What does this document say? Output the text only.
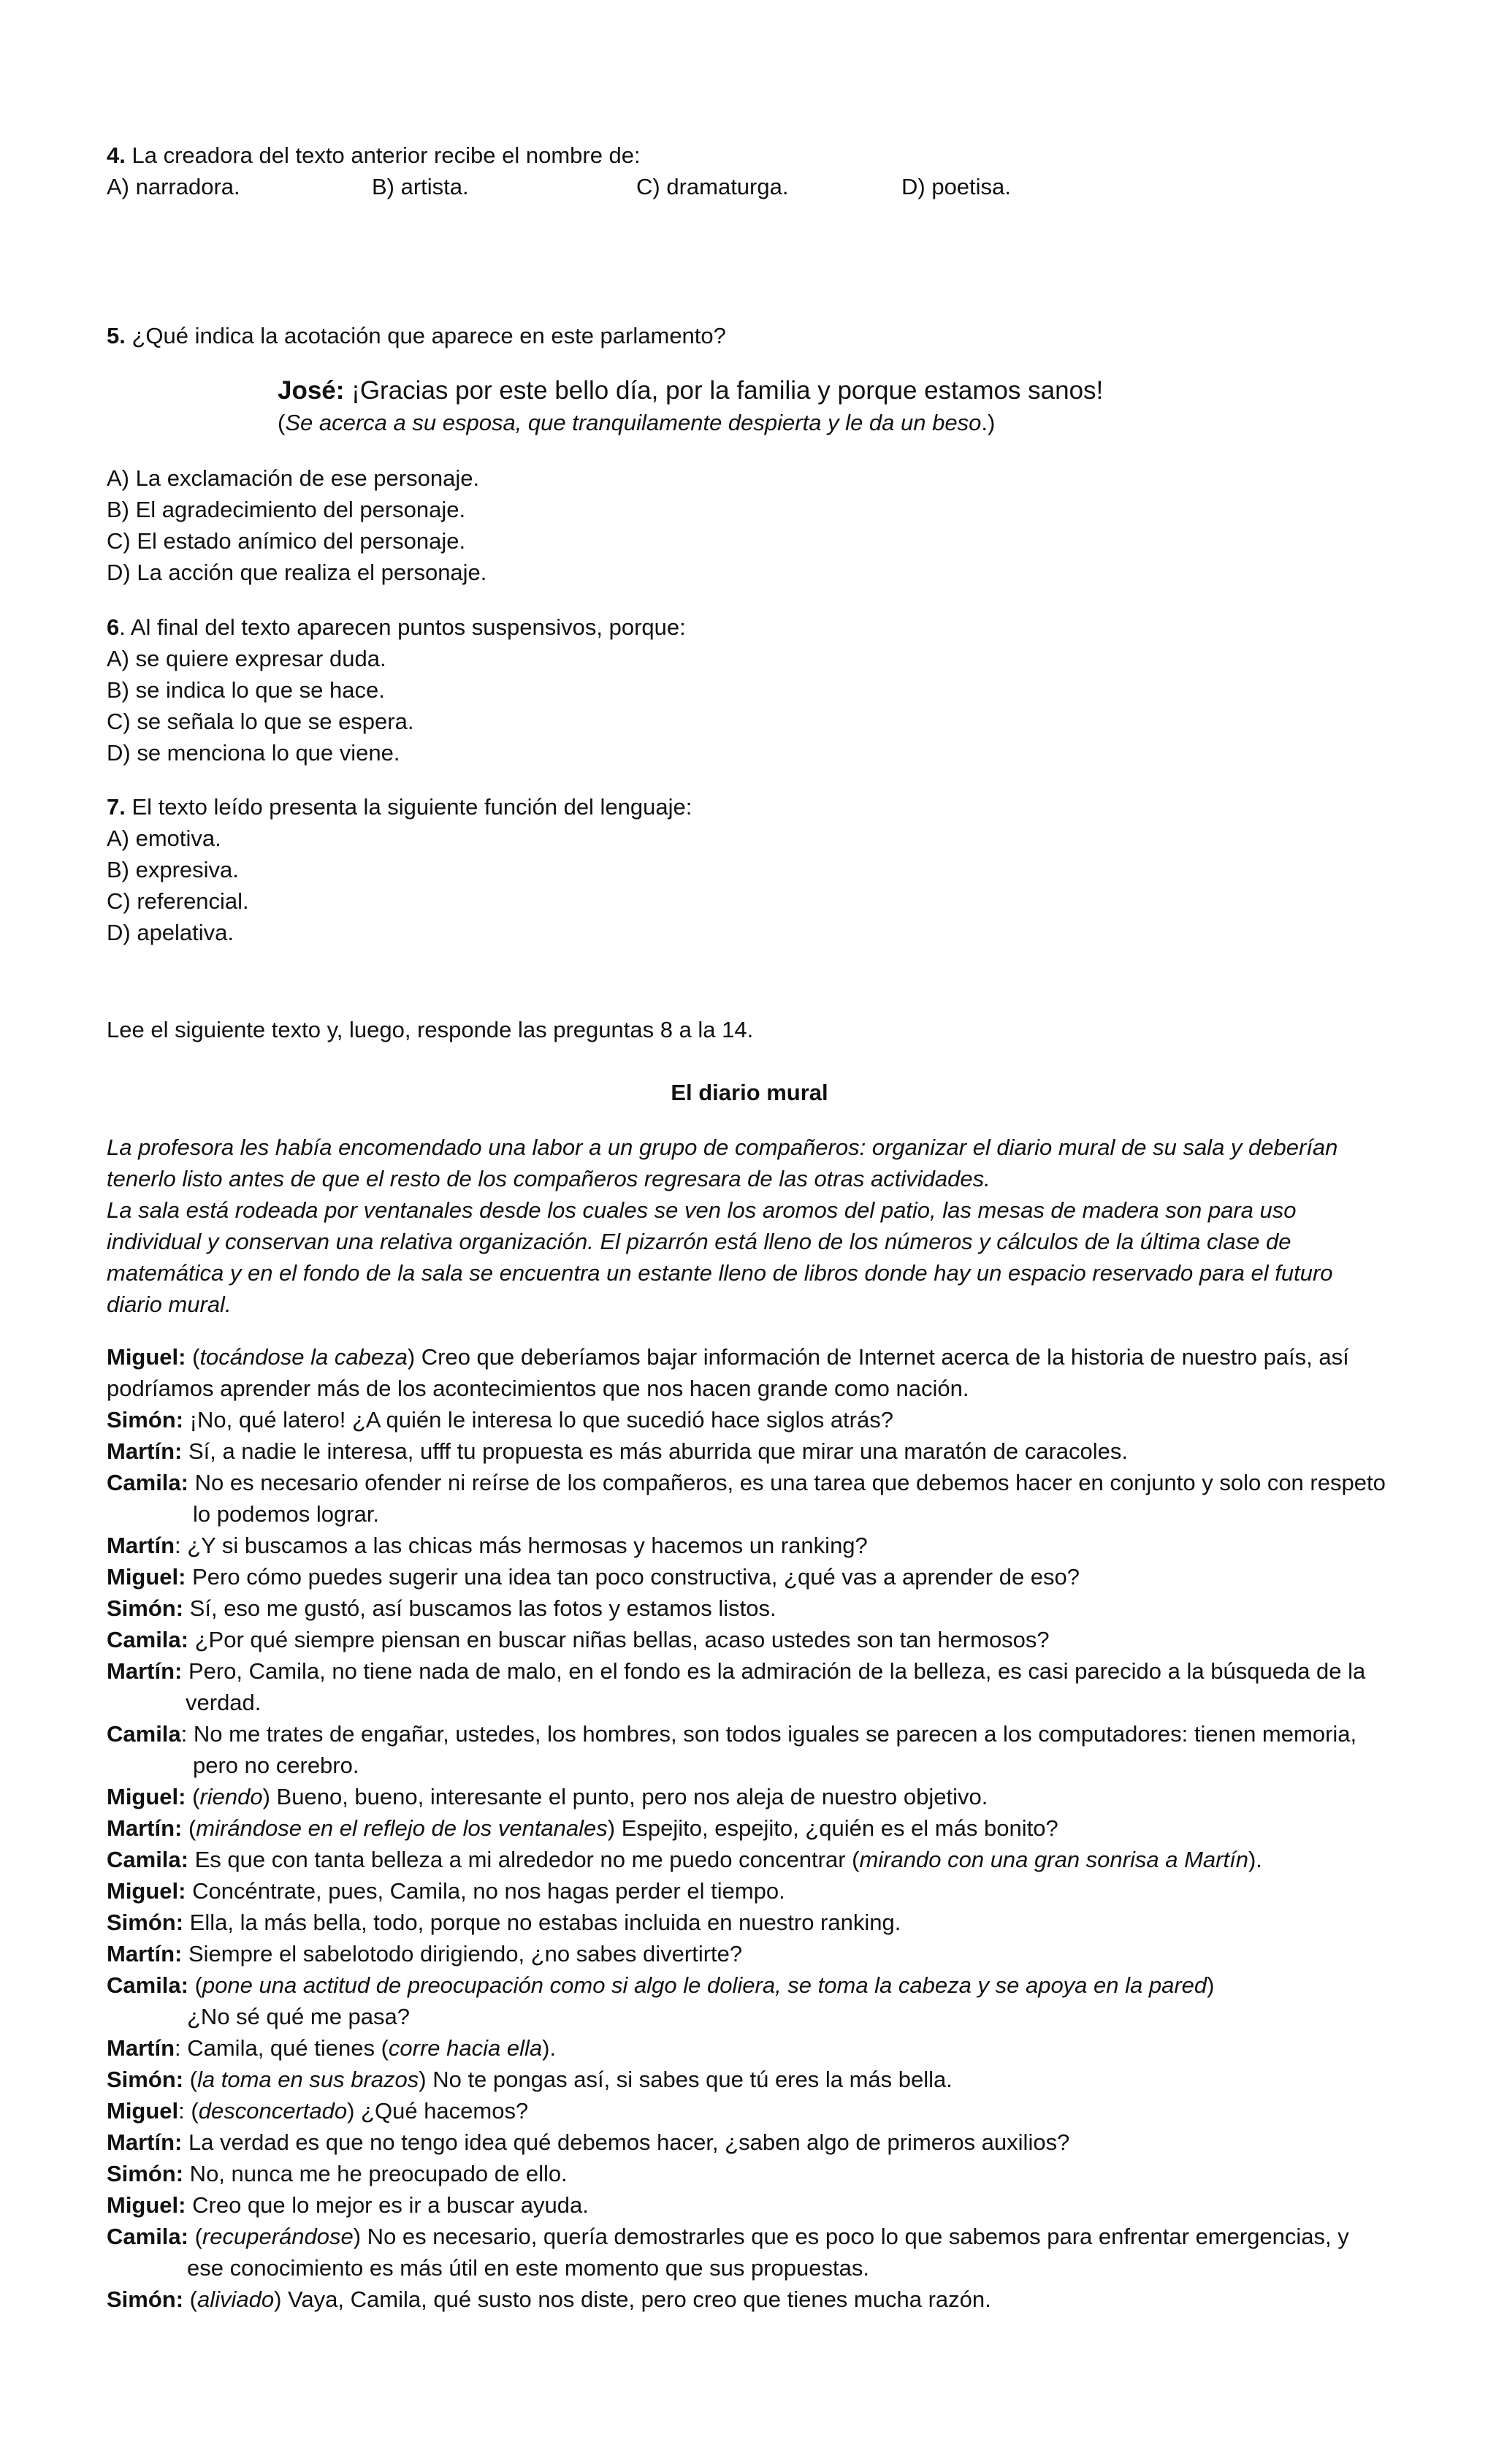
4. La creadora del texto anterior recibe el nombre de:
A) narradora.	B) artista.	C) dramaturga.	D) poetisa.
5. ¿Qué indica la acotación que aparece en este parlamento?
José: ¡Gracias por este bello día, por la familia y porque estamos sanos!
(Se acerca a su esposa, que tranquilamente despierta y le da un beso.)
A) La exclamación de ese personaje.
B) El agradecimiento del personaje.
C) El estado anímico del personaje.
D) La acción que realiza el personaje.
6. Al final del texto aparecen puntos suspensivos, porque:
A) se quiere expresar duda.
B) se indica lo que se hace.
C) se señala lo que se espera.
D) se menciona lo que viene.
7. El texto leído presenta la siguiente función del lenguaje:
A) emotiva.
B) expresiva.
C) referencial.
D) apelativa.
Lee el siguiente texto y, luego, responde las preguntas 8 a la 14.
El diario mural
La profesora les había encomendado una labor a un grupo de compañeros: organizar el diario mural de su sala y deberían
tenerlo listo antes de que el resto de los compañeros regresara de las otras actividades.
La sala está rodeada por ventanales desde los cuales se ven los aromos del patio, las mesas de madera son para uso
individual y conservan una relativa organización. El pizarrón está lleno de los números y cálculos de la última clase de
matemática y en el fondo de la sala se encuentra un estante lleno de libros donde hay un espacio reservado para el futuro
diario mural.
Miguel: (tocándose la cabeza) Creo que deberíamos bajar información de Internet acerca de la historia de nuestro país, así
podríamos aprender más de los acontecimientos que nos hacen grande como nación.
Simón: ¡No, qué latero! ¿A quién le interesa lo que sucedió hace siglos atrás?
Martín: Sí, a nadie le interesa, ufff tu propuesta es más aburrida que mirar una maratón de caracoles.
Camila: No es necesario ofender ni reírse de los compañeros, es una tarea que debemos hacer en conjunto y solo con respeto
lo podemos lograr.
Martín: ¿Y si buscamos a las chicas más hermosas y hacemos un ranking?
Miguel: Pero cómo puedes sugerir una idea tan poco constructiva, ¿qué vas a aprender de eso?
Simón: Sí, eso me gustó, así buscamos las fotos y estamos listos.
Camila: ¿Por qué siempre piensan en buscar niñas bellas, acaso ustedes son tan hermosos?
Martín: Pero, Camila, no tiene nada de malo, en el fondo es la admiración de la belleza, es casi parecido a la búsqueda de la
verdad.
Camila: No me trates de engañar, ustedes, los hombres, son todos iguales se parecen a los computadores: tienen memoria,
pero no cerebro.
Miguel: (riendo) Bueno, bueno, interesante el punto, pero nos aleja de nuestro objetivo.
Martín: (mirándose en el reflejo de los ventanales) Espejito, espejito, ¿quién es el más bonito?
Camila: Es que con tanta belleza a mi alrededor no me puedo concentrar (mirando con una gran sonrisa a Martín).
Miguel: Concéntrate, pues, Camila, no nos hagas perder el tiempo.
Simón: Ella, la más bella, todo, porque no estabas incluida en nuestro ranking.
Martín: Siempre el sabelotodo dirigiendo, ¿no sabes divertirte?
Camila: (pone una actitud de preocupación como si algo le doliera, se toma la cabeza y se apoya en la pared)
¿No sé qué me pasa?
Martín: Camila, qué tienes (corre hacia ella).
Simón: (la toma en sus brazos) No te pongas así, si sabes que tú eres la más bella.
Miguel: (desconcertado) ¿Qué hacemos?
Martín: La verdad es que no tengo idea qué debemos hacer, ¿saben algo de primeros auxilios?
Simón: No, nunca me he preocupado de ello.
Miguel: Creo que lo mejor es ir a buscar ayuda.
Camila: (recuperándose) No es necesario, quería demostrarles que es poco lo que sabemos para enfrentar emergencias, y
ese conocimiento es más útil en este momento que sus propuestas.
Simón: (aliviado) Vaya, Camila, qué susto nos diste, pero creo que tienes mucha razón.
